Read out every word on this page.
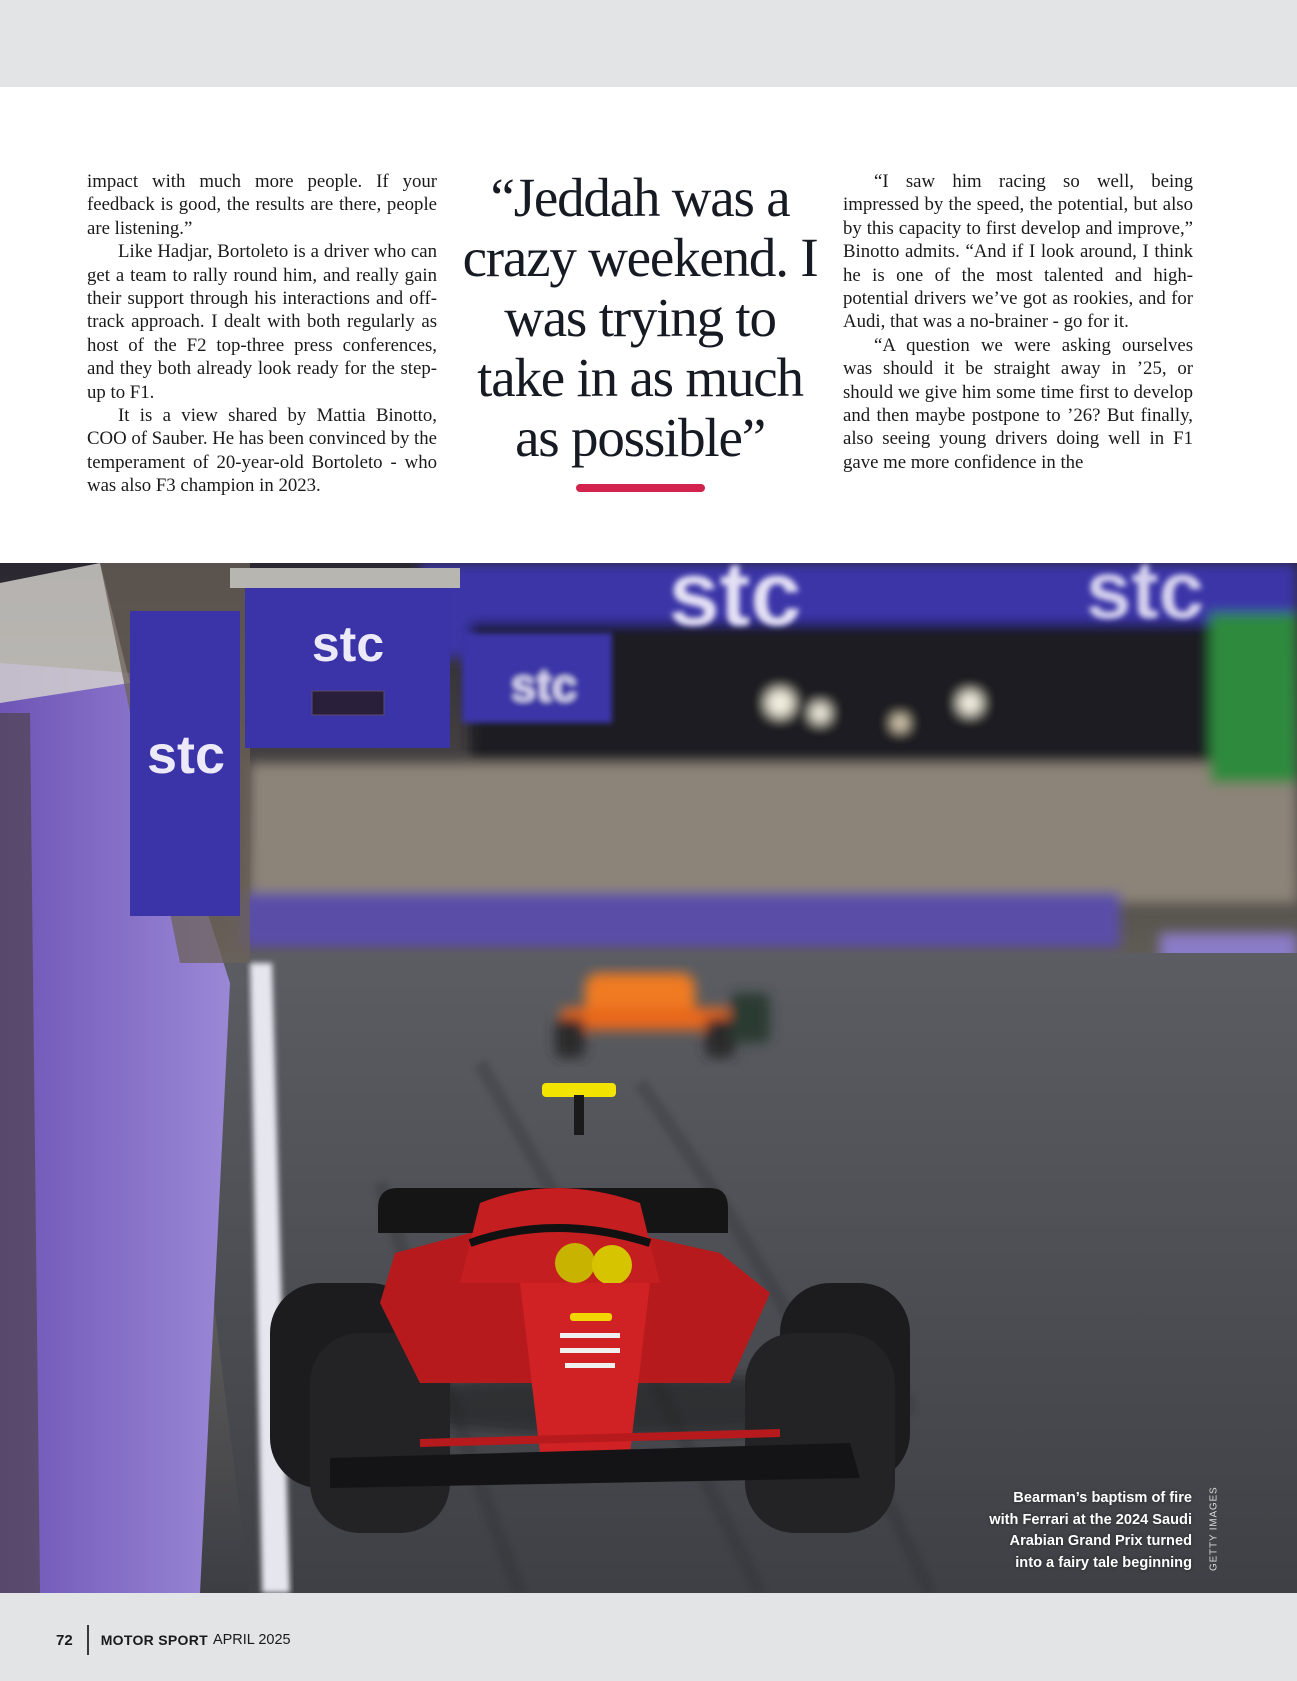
impact with much more people. If your feedback is good, the results are there, people are listening.”

Like Hadjar, Bortoleto is a driver who can get a team to rally round him, and really gain their support through his interactions and off-track approach. I dealt with both regularly as host of the F2 top-three press conferences, and they both already look ready for the step-up to F1.

It is a view shared by Mattia Binotto, COO of Sauber. He has been convinced by the temperament of 20-year-old Bortoleto - who was also F3 champion in 2023.

“Jeddah was a crazy weekend. I was trying to take in as much as possible”

“I saw him racing so well, being impressed by the speed, the potential, but also by this capacity to first develop and improve,” Binotto admits. “And if I look around, I think he is one of the most talented and high-potential drivers we’ve got as rookies, and for Audi, that was a no-brainer - go for it.

“A question we were asking ourselves was should it be straight away in ’25, or should we give him some time first to develop and then maybe postpone to ’26? But finally, also seeing young drivers doing well in F1 gave me more confidence in the

stc
stc
stc
stc	stc
Bearman’s baptism of fire with Ferrari at the 2024 Saudi Arabian Grand Prix turned into a fairy tale beginning GETTY IMAGES
72 MOTOR SPORT APRIL 2025
